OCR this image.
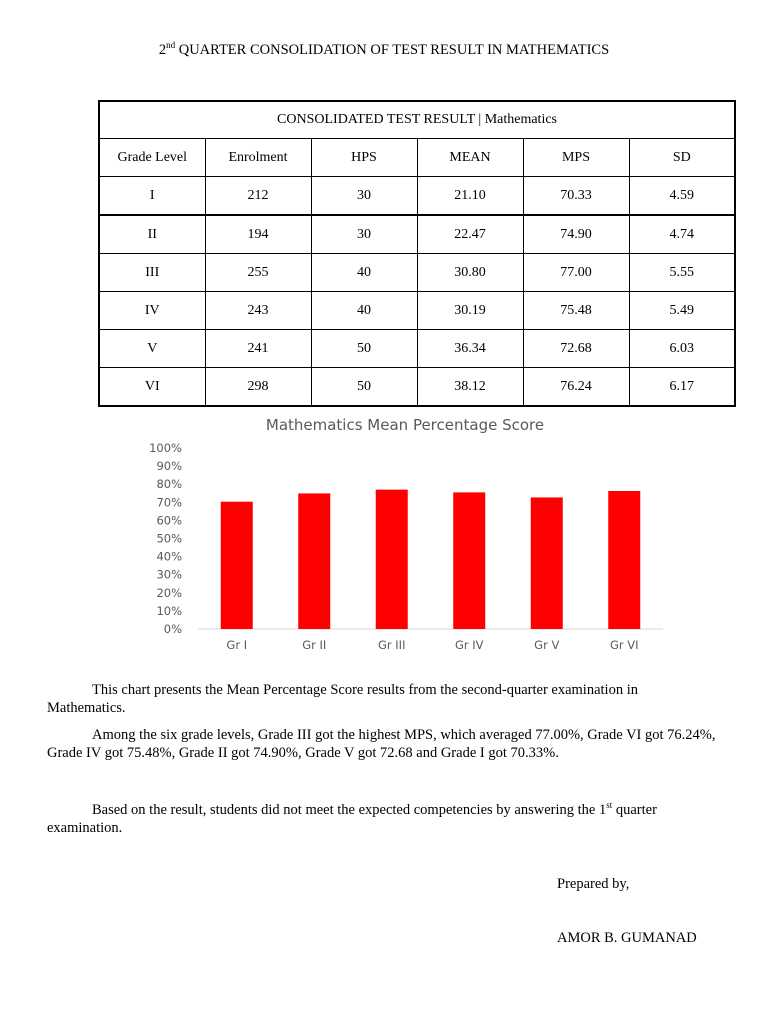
2nd QUARTER CONSOLIDATION OF TEST RESULT IN MATHEMATICS
CONSOLIDATED TEST RESULT | Mathematics					
Grade Level	Enrolment	HPS	MEAN	MPS	SD
I	212	30	21.10	70.33	4.59
II	194	30	22.47	74.90	4.74
III	255	40	30.80	77.00	5.55
IV	243	40	30.19	75.48	5.49
V	241	50	36.34	72.68	6.03
VI	298	50	38.12	76.24	6.17
Mathematics Mean Percentage Score
0%
10%
20%
30%
40%
50%
60%
70%
80%
90%
100%
Gr I	Gr II	Gr III	Gr IV	Gr V	Gr VI
This chart presents the Mean Percentage Score results from the second-quarter examination in Mathematics.
Among the six grade levels, Grade III got the highest MPS, which averaged 77.00%, Grade VI got 76.24%, Grade IV got 75.48%, Grade II got 74.90%, Grade V got 72.68 and Grade I got 70.33%.
Based on the result, students did not meet the expected competencies by answering the 1st quarter examination.
Prepared by,
AMOR B. GUMANAD
